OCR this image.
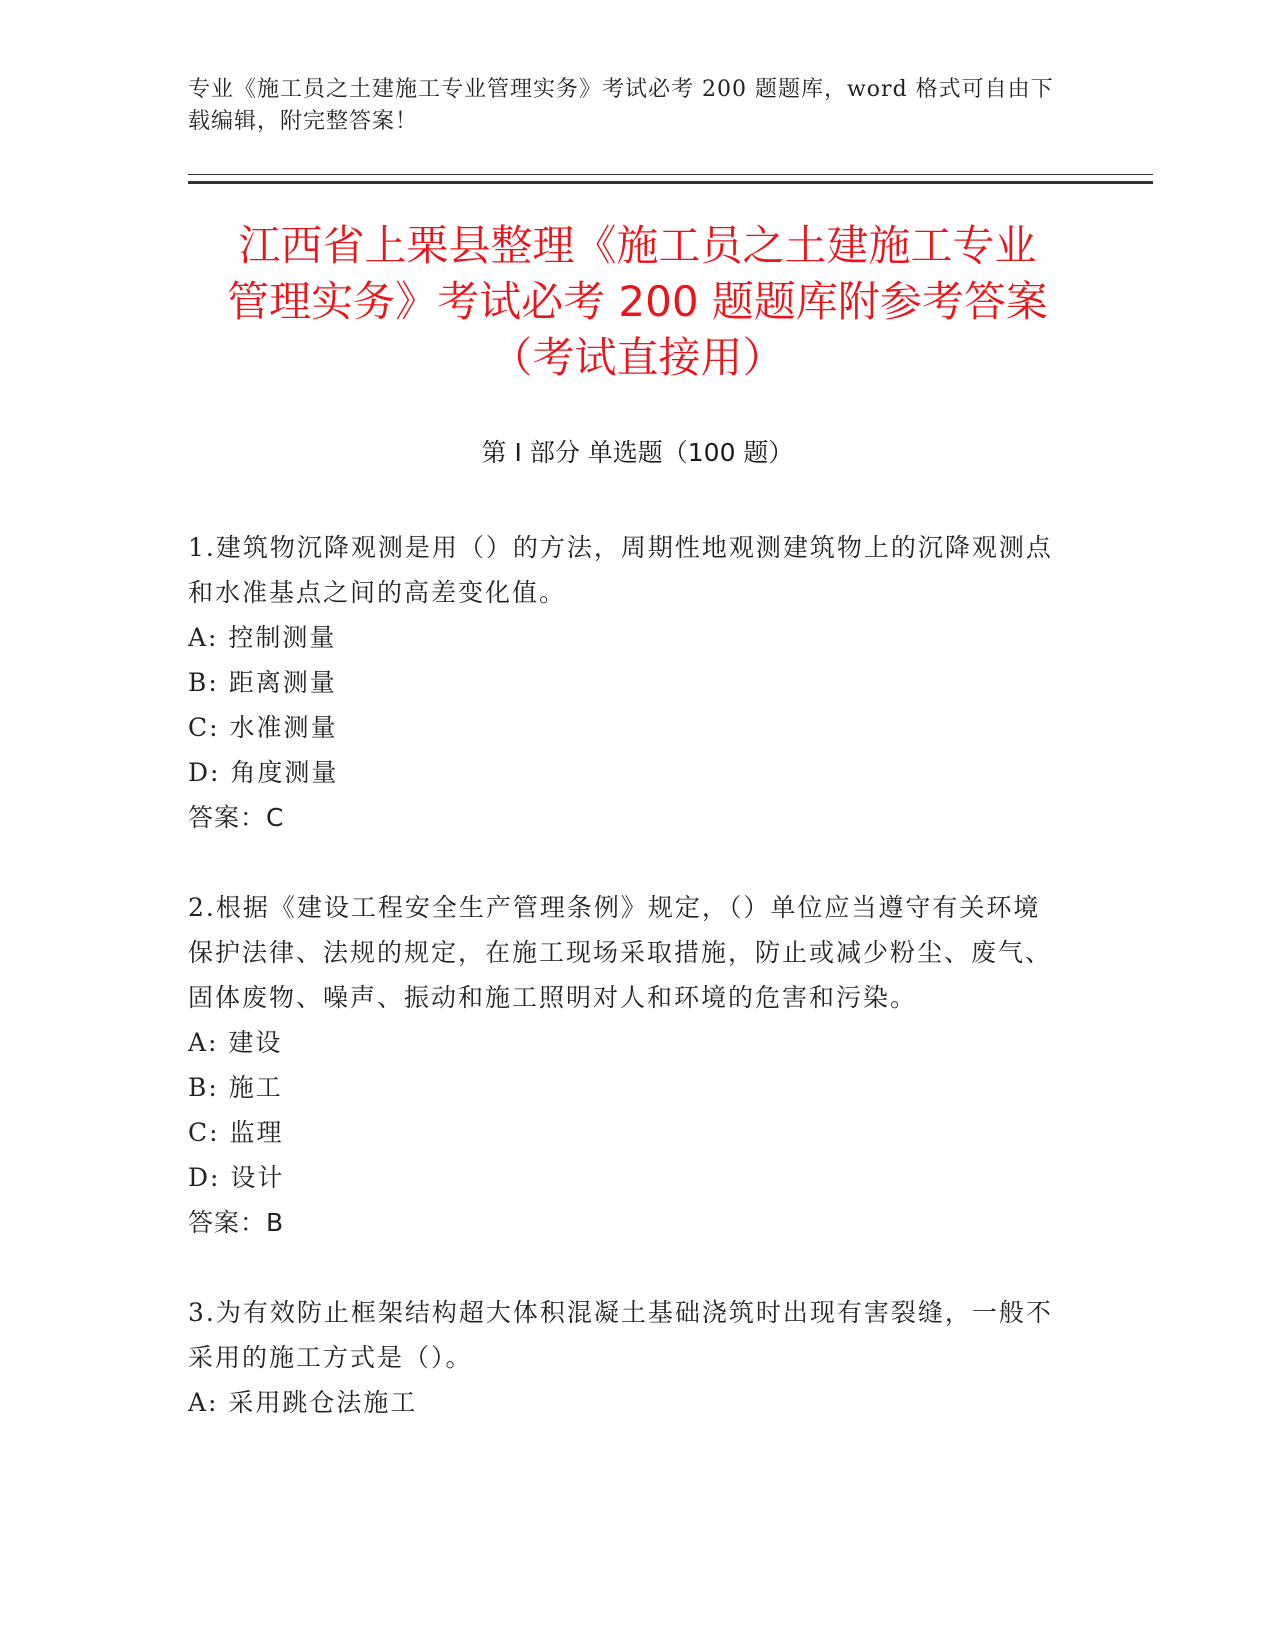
专业《施工员之土建施工专业管理实务》考试必考 200 题题库，word 格式可自由下载编辑，附完整答案！
江西省上栗县整理《施工员之土建施工专业
管理实务》考试必考 200 题题库附参考答案
（考试直接用）
第 I 部分 单选题（100 题）
1.建筑物沉降观测是用（）的方法，周期性地观测建筑物上的沉降观测点和水准基点之间的高差变化值。
A: 控制测量
B: 距离测量
C: 水准测量
D: 角度测量
答案：C
2.根据《建设工程安全生产管理条例》规定，（）单位应当遵守有关环境保护法律、法规的规定，在施工现场采取措施，防止或减少粉尘、废气、固体废物、噪声、振动和施工照明对人和环境的危害和污染。
A: 建设
B: 施工
C: 监理
D: 设计
答案：B
3.为有效防止框架结构超大体积混凝土基础浇筑时出现有害裂缝，一般不采用的施工方式是（）。
A: 采用跳仓法施工
